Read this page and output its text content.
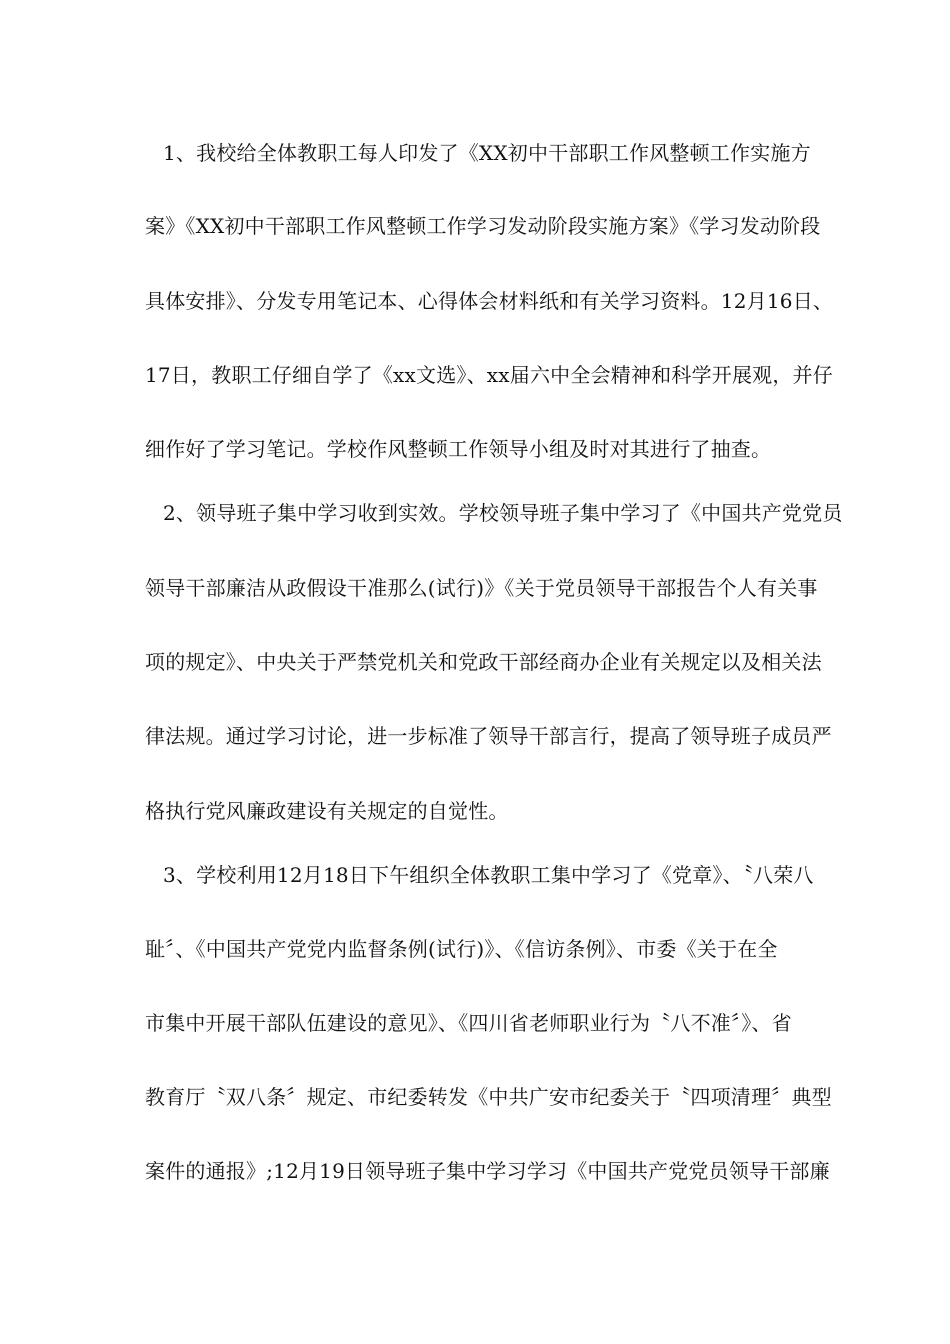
1、我校给全体教职工每人印发了《XX初中干部职工作风整顿工作实施方
案》《XX初中干部职工作风整顿工作学习发动阶段实施方案》《学习发动阶段
具体安排》、分发专用笔记本、心得体会材料纸和有关学习资料。12月16日、
17日，教职工仔细自学了《xx文选》、xx届六中全会精神和科学开展观，并仔
细作好了学习笔记。学校作风整顿工作领导小组及时对其进行了抽查。
2、领导班子集中学习收到实效。学校领导班子集中学习了《中国共产党党员
领导干部廉洁从政假设干准那么(试行)》《关于党员领导干部报告个人有关事
项的规定》、中央关于严禁党机关和党政干部经商办企业有关规定以及相关法
律法规。通过学习讨论，进一步标准了领导干部言行，提高了领导班子成员严
格执行党风廉政建设有关规定的自觉性。
3、学校利用12月18日下午组织全体教职工集中学习了《党章》、〝八荣八
耻〞、《中国共产党党内监督条例(试行)》、《信访条例》、市委《关于在全
市集中开展干部队伍建设的意见》、《四川省老师职业行为〝八不准〞》、省
教育厅〝双八条〞规定、市纪委转发《中共广安市纪委关于〝四项清理〞典型
案件的通报》;12月19日领导班子集中学习学习《中国共产党党员领导干部廉
